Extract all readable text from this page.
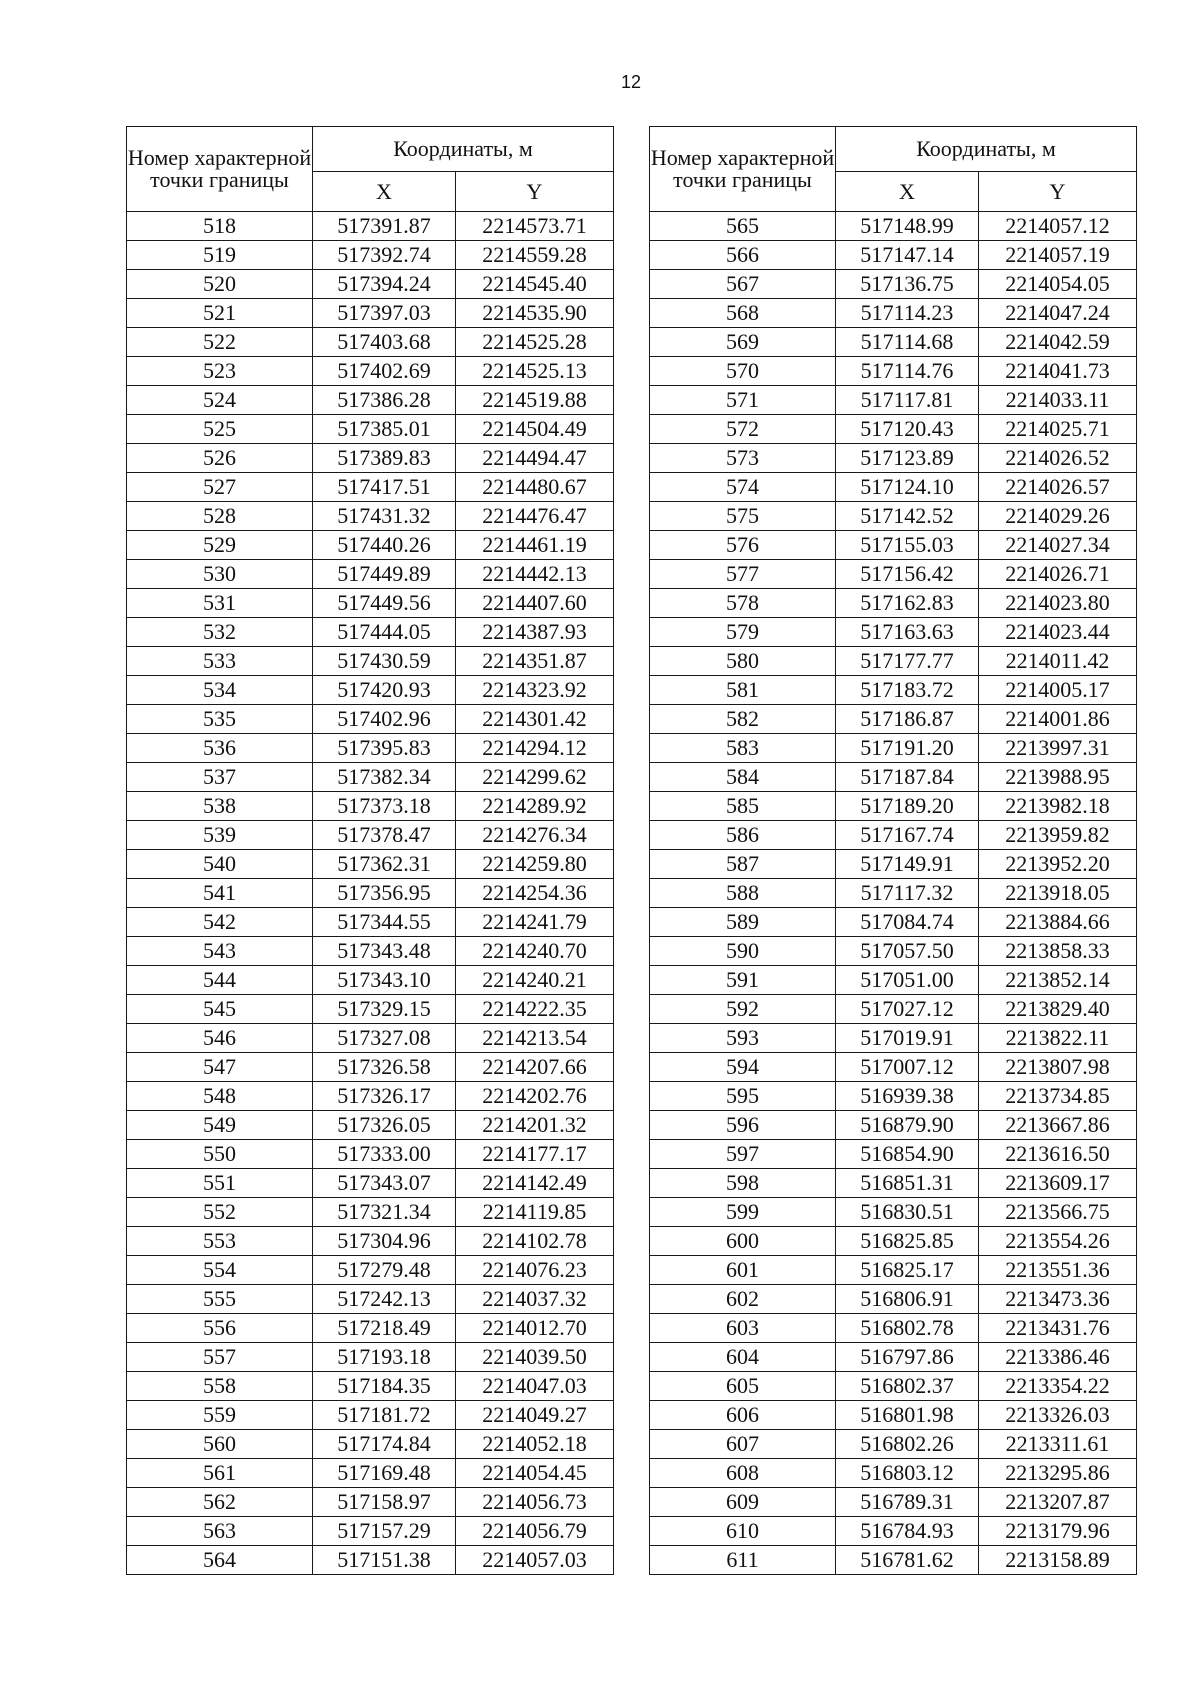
12
Номер характерной точки границы	Координаты, м	
	X	Y
518	517391.87	2214573.71
519	517392.74	2214559.28
520	517394.24	2214545.40
521	517397.03	2214535.90
522	517403.68	2214525.28
523	517402.69	2214525.13
524	517386.28	2214519.88
525	517385.01	2214504.49
526	517389.83	2214494.47
527	517417.51	2214480.67
528	517431.32	2214476.47
529	517440.26	2214461.19
530	517449.89	2214442.13
531	517449.56	2214407.60
532	517444.05	2214387.93
533	517430.59	2214351.87
534	517420.93	2214323.92
535	517402.96	2214301.42
536	517395.83	2214294.12
537	517382.34	2214299.62
538	517373.18	2214289.92
539	517378.47	2214276.34
540	517362.31	2214259.80
541	517356.95	2214254.36
542	517344.55	2214241.79
543	517343.48	2214240.70
544	517343.10	2214240.21
545	517329.15	2214222.35
546	517327.08	2214213.54
547	517326.58	2214207.66
548	517326.17	2214202.76
549	517326.05	2214201.32
550	517333.00	2214177.17
551	517343.07	2214142.49
552	517321.34	2214119.85
553	517304.96	2214102.78
554	517279.48	2214076.23
555	517242.13	2214037.32
556	517218.49	2214012.70
557	517193.18	2214039.50
558	517184.35	2214047.03
559	517181.72	2214049.27
560	517174.84	2214052.18
561	517169.48	2214054.45
562	517158.97	2214056.73
563	517157.29	2214056.79
564	517151.38	2214057.03
Номер характерной точки границы	Координаты, м	
	X	Y
565	517148.99	2214057.12
566	517147.14	2214057.19
567	517136.75	2214054.05
568	517114.23	2214047.24
569	517114.68	2214042.59
570	517114.76	2214041.73
571	517117.81	2214033.11
572	517120.43	2214025.71
573	517123.89	2214026.52
574	517124.10	2214026.57
575	517142.52	2214029.26
576	517155.03	2214027.34
577	517156.42	2214026.71
578	517162.83	2214023.80
579	517163.63	2214023.44
580	517177.77	2214011.42
581	517183.72	2214005.17
582	517186.87	2214001.86
583	517191.20	2213997.31
584	517187.84	2213988.95
585	517189.20	2213982.18
586	517167.74	2213959.82
587	517149.91	2213952.20
588	517117.32	2213918.05
589	517084.74	2213884.66
590	517057.50	2213858.33
591	517051.00	2213852.14
592	517027.12	2213829.40
593	517019.91	2213822.11
594	517007.12	2213807.98
595	516939.38	2213734.85
596	516879.90	2213667.86
597	516854.90	2213616.50
598	516851.31	2213609.17
599	516830.51	2213566.75
600	516825.85	2213554.26
601	516825.17	2213551.36
602	516806.91	2213473.36
603	516802.78	2213431.76
604	516797.86	2213386.46
605	516802.37	2213354.22
606	516801.98	2213326.03
607	516802.26	2213311.61
608	516803.12	2213295.86
609	516789.31	2213207.87
610	516784.93	2213179.96
611	516781.62	2213158.89
